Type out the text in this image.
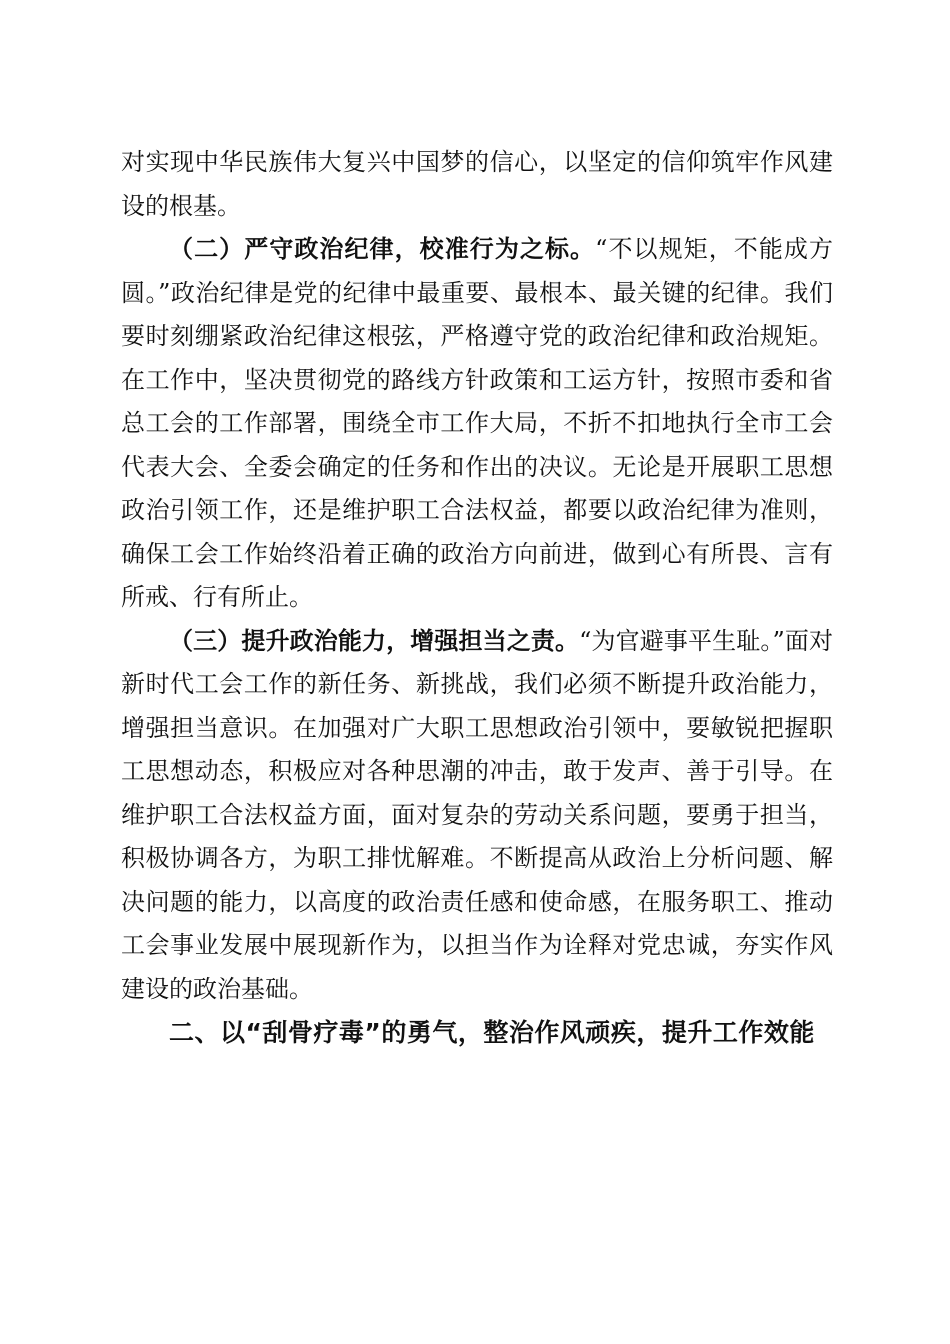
对实现中华民族伟大复兴中国梦的信心，以坚定的信仰筑牢作风建设的根基。

（二）严守政治纪律，校准行为之标。“不以规矩，不能成方圆。”政治纪律是党的纪律中最重要、最根本、最关键的纪律。我们要时刻绷紧政治纪律这根弦，严格遵守党的政治纪律和政治规矩。在工作中，坚决贯彻党的路线方针政策和工运方针，按照市委和省总工会的工作部署，围绕全市工作大局，不折不扣地执行全市工会代表大会、全委会确定的任务和作出的决议。无论是开展职工思想政治引领工作，还是维护职工合法权益，都要以政治纪律为准则，确保工会工作始终沿着正确的政治方向前进，做到心有所畏、言有所戒、行有所止。

（三）提升政治能力，增强担当之责。“为官避事平生耻。”面对新时代工会工作的新任务、新挑战，我们必须不断提升政治能力，增强担当意识。在加强对广大职工思想政治引领中，要敏锐把握职工思想动态，积极应对各种思潮的冲击，敢于发声、善于引导。在维护职工合法权益方面，面对复杂的劳动关系问题，要勇于担当，积极协调各方，为职工排忧解难。不断提高从政治上分析问题、解决问题的能力，以高度的政治责任感和使命感，在服务职工、推动工会事业发展中展现新作为，以担当作为诠释对党忠诚，夯实作风建设的政治基础。

二、以“刮骨疗毒”的勇气，整治作风顽疾，提升工作效能
